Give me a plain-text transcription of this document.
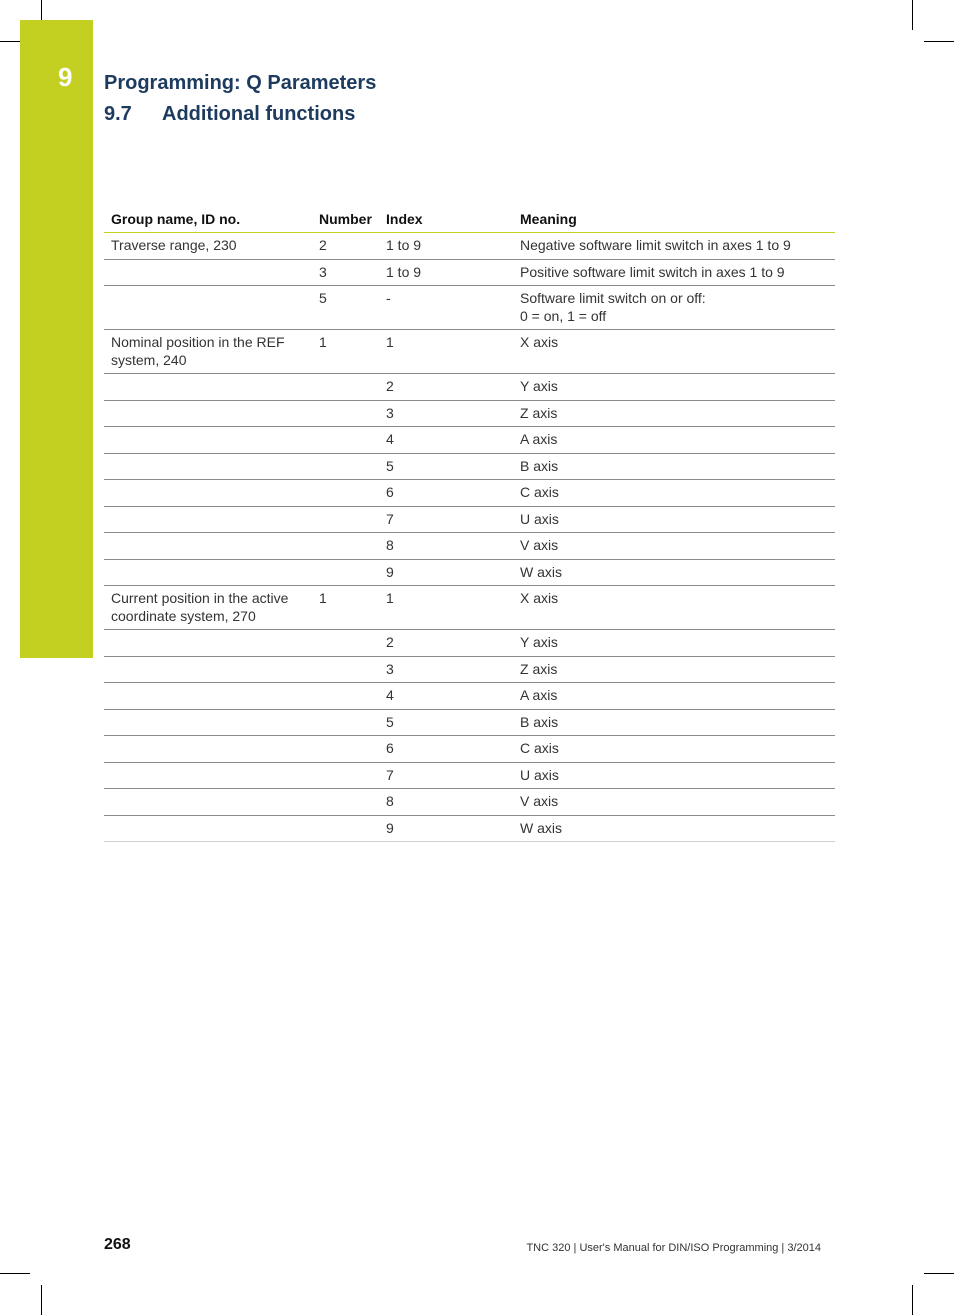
9 Programming: Q Parameters
9.7 Additional functions
Group name, ID no.	Number	Index	Meaning
Traverse range, 230	2	1 to 9	Negative software limit switch in axes 1 to 9
	3	1 to 9	Positive software limit switch in axes 1 to 9
	5	-	Software limit switch on or off:
0 = on, 1 = off
Nominal position in the REF system, 240	1	1	X axis
		2	Y axis
		3	Z axis
		4	A axis
		5	B axis
		6	C axis
		7	U axis
		8	V axis
		9	W axis
Current position in the active coordinate system, 270	1	1	X axis
		2	Y axis
		3	Z axis
		4	A axis
		5	B axis
		6	C axis
		7	U axis
		8	V axis
		9	W axis
268	TNC 320 | User's Manual for DIN/ISO Programming | 3/2014
